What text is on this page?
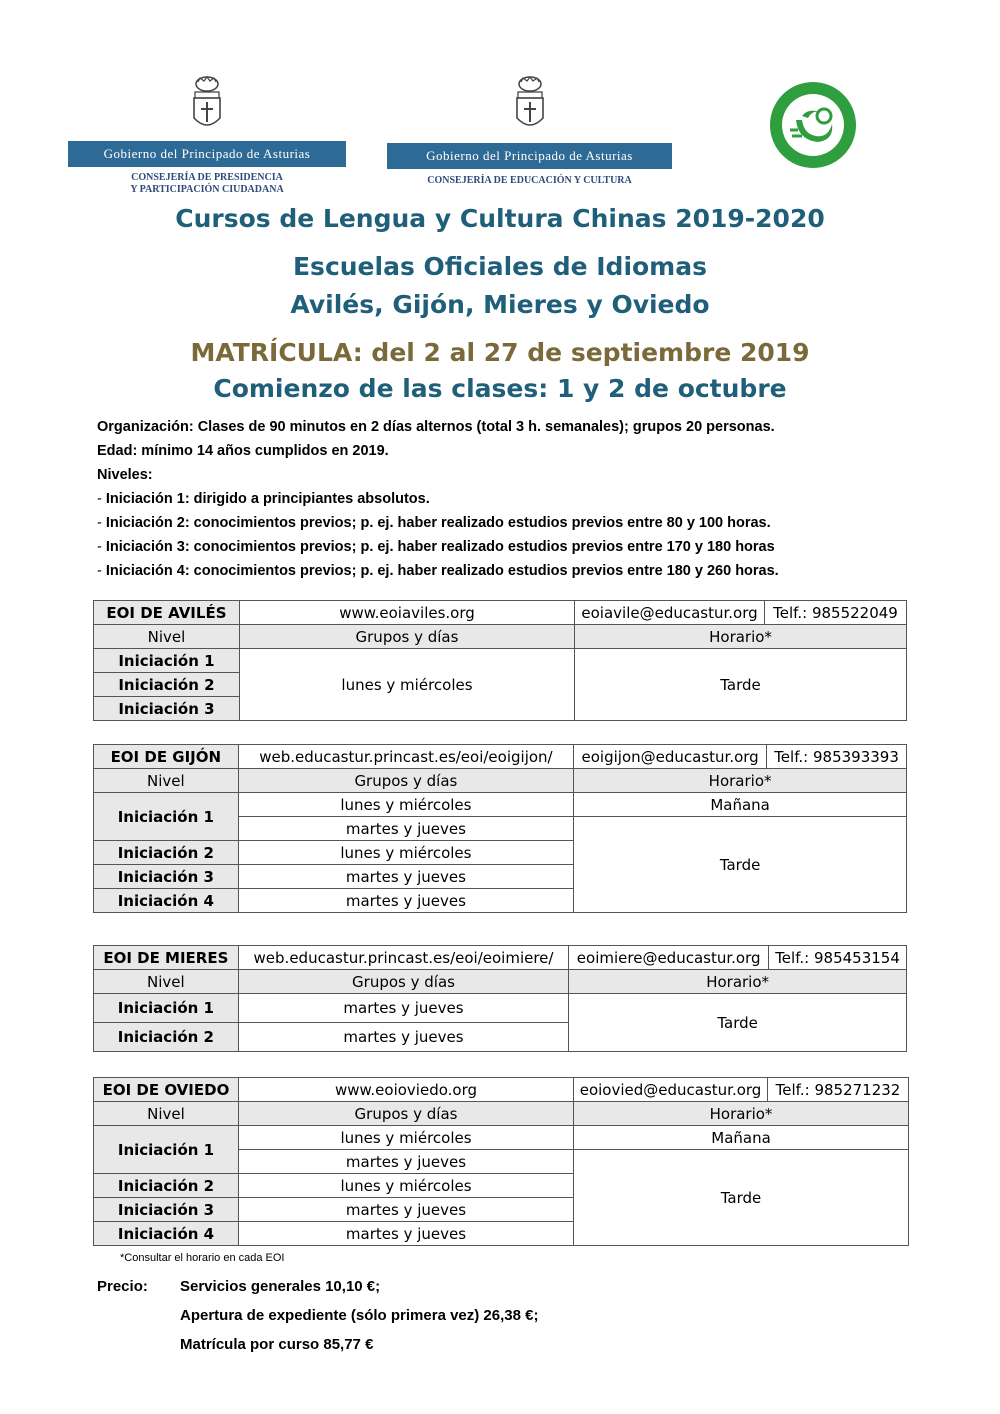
Gobierno del Principado de Asturias
CONSEJERÍA DE PRESIDENCIA
Y PARTICIPACIÓN CIUDADANA
Gobierno del Principado de Asturias
CONSEJERÍA DE EDUCACIÓN Y CULTURA
Cursos de Lengua y Cultura Chinas 2019-2020
Escuelas Oficiales de Idiomas
Avilés, Gijón, Mieres y Oviedo
MATRÍCULA: del 2 al 27 de septiembre 2019
Comienzo de las clases: 1 y 2 de octubre
Organización: Clases de 90 minutos en 2 días alternos (total 3 h. semanales); grupos 20 personas.
Edad: mínimo 14 años cumplidos en 2019.
Niveles:
- Iniciación 1: dirigido a principiantes absolutos.
- Iniciación 2: conocimientos previos; p. ej. haber realizado estudios previos entre 80 y 100 horas.
- Iniciación 3: conocimientos previos; p. ej. haber realizado estudios previos entre 170 y 180 horas
- Iniciación 4: conocimientos previos; p. ej. haber realizado estudios previos entre 180 y 260 horas.
EOI DE AVILÉS	www.eoiaviles.org	eoiavile@educastur.org	Telf.: 985522049
Nivel	Grupos y días	Horario*	
Iniciación 1	lunes y miércoles	Tarde	
Iniciación 2			
Iniciación 3			
EOI DE GIJÓN	web.educastur.princast.es/eoi/eoigijon/	eoigijon@educastur.org	Telf.: 985393393
Nivel	Grupos y días	Horario*	
Iniciación 1	lunes y miércoles	Mañana	
	martes y jueves	Tarde	
Iniciación 2	lunes y miércoles		
Iniciación 3	martes y jueves		
Iniciación 4	martes y jueves		
EOI DE MIERES	web.educastur.princast.es/eoi/eoimiere/	eoimiere@educastur.org	Telf.: 985453154
Nivel	Grupos y días	Horario*	
Iniciación 1	martes y jueves	Tarde	
Iniciación 2	martes y jueves		
EOI DE OVIEDO	www.eoioviedo.org	eoiovied@educastur.org	Telf.: 985271232
Nivel	Grupos y días	Horario*	
Iniciación 1	lunes y miércoles	Mañana	
	martes y jueves	Tarde	
Iniciación 2	lunes y miércoles		
Iniciación 3	martes y jueves		
Iniciación 4	martes y jueves		
*Consultar el horario en cada EOI
Precio: Servicios generales 10,10 €;
Apertura de expediente (sólo primera vez) 26,38 €;
Matrícula por curso 85,77 €
